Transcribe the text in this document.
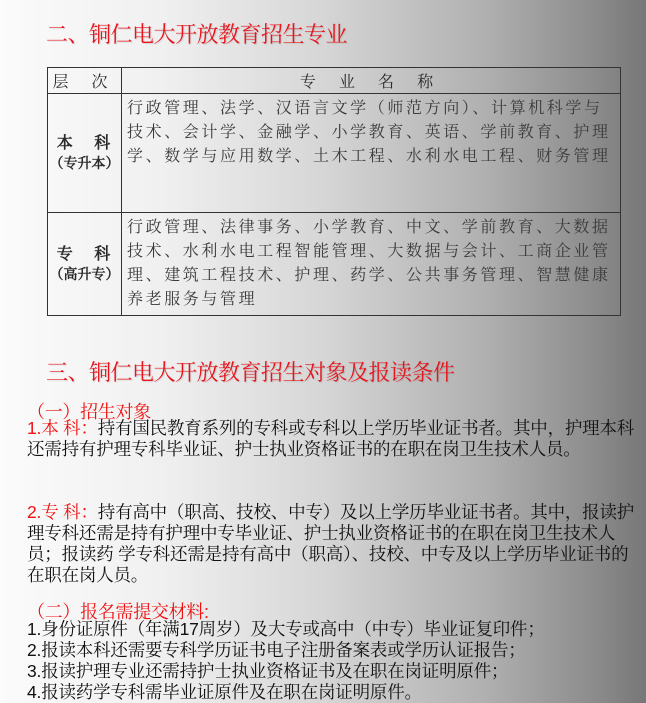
二、铜仁电大开放教育招生专业
层 次	专 业 名 称

本 科
（专升本）	行政管理、法学、汉语言文学（师范方向）、计算机科学与技术、会计学、金融学、小学教育、英语、学前教育、护理学、数学与应用数学、土木工程、水利水电工程、财务管理

专 科
（高升专）	行政管理、法律事务、小学教育、中文、学前教育、大数据技术、水利水电工程智能管理、大数据与会计、工商企业管理、建筑工程技术、护理、药学、公共事务管理、智慧健康养老服务与管理
三、铜仁电大开放教育招生对象及报读条件
（一）招生对象

1.本 科：持有国民教育系列的专科或专科以上学历毕业证书者。其中，护理本科还需持有护理专科毕业证、护士执业资格证书的在职在岗卫生技术人员。

2.专 科：持有高中（职高、技校、中专）及以上学历毕业证书者。其中，报读护理专科还需是持有护理中专毕业证、护士执业资格证书的在职在岗卫生技术人员；报读药 学专科还需是持有高中（职高）、技校、中专及以上学历毕业证书的在职在岗人员。

（二）报名需提交材料:
1.身份证原件（年满17周岁）及大专或高中（中专）毕业证复印件；
2.报读本科还需要专科学历证书电子注册备案表或学历认证报告；
3.报读护理专业还需持护士执业资格证书及在职在岗证明原件；
4.报读药学专科需毕业证原件及在职在岗证明原件。
